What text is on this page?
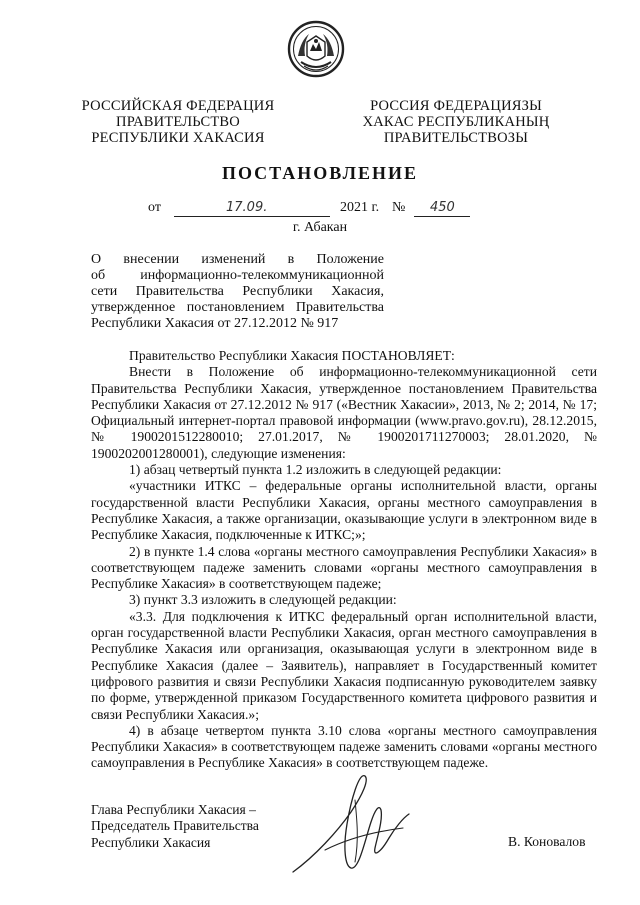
РОССИЙСКАЯ ФЕДЕРАЦИЯ
ПРАВИТЕЛЬСТВО
РЕСПУБЛИКИ ХАКАСИЯ
РОССИЯ ФЕДЕРАЦИЯЗЫ
ХАКАС РЕСПУБЛИКАНЫҢ
ПРАВИТЕЛЬСТВОЗЫ
ПОСТАНОВЛЕНИЕ
от	17.09.	2021 г. № 450
г. Абакан
О внесении изменений в Положение
об информационно-телекоммуникационной
сети Правительства Республики Хакасия,
утвержденное постановлением Правительства
Республики Хакасия от 27.12.2012 № 917

Правительство Республики Хакасия ПОСТАНОВЛЯЕТ:

Внести в Положение об информационно-телекоммуникационной сети Правительства Республики Хакасия, утвержденное постановлением Правительства Республики Хакасия от 27.12.2012 № 917 («Вестник Хакасии», 2013, № 2; 2014, № 17; Официальный интернет-портал правовой информации (www.pravo.gov.ru), 28.12.2015, № 1900201512280010; 27.01.2017, № 1900201711270003; 28.01.2020, № 1900202001280001), следующие изменения:

1) абзац четвертый пункта 1.2 изложить в следующей редакции:

«участники ИТКС – федеральные органы исполнительной власти, органы государственной власти Республики Хакасия, органы местного самоуправления в Республике Хакасия, а также организации, оказывающие услуги в электронном виде в Республике Хакасия, подключенные к ИТКС;»;

2) в пункте 1.4 слова «органы местного самоуправления Республики Хакасия» в соответствующем падеже заменить словами «органы местного самоуправления в Республике Хакасия» в соответствующем падеже;

3) пункт 3.3 изложить в следующей редакции:

«3.3. Для подключения к ИТКС федеральный орган исполнительной власти, орган государственной власти Республики Хакасия, орган местного самоуправления в Республике Хакасия или организация, оказывающая услуги в электронном виде в Республике Хакасия (далее – Заявитель), направляет в Государственный комитет цифрового развития и связи Республики Хакасия подписанную руководителем заявку по форме, утвержденной приказом Государственного комитета цифрового развития и связи Республики Хакасия.»;

4) в абзаце четвертом пункта 3.10 слова «органы местного самоуправления Республики Хакасия» в соответствующем падеже заменить словами «органы местного самоуправления в Республике Хакасия» в соответствующем падеже.

Глава Республики Хакасия –
Председатель Правительства
Республики Хакасия	В. Коновалов
